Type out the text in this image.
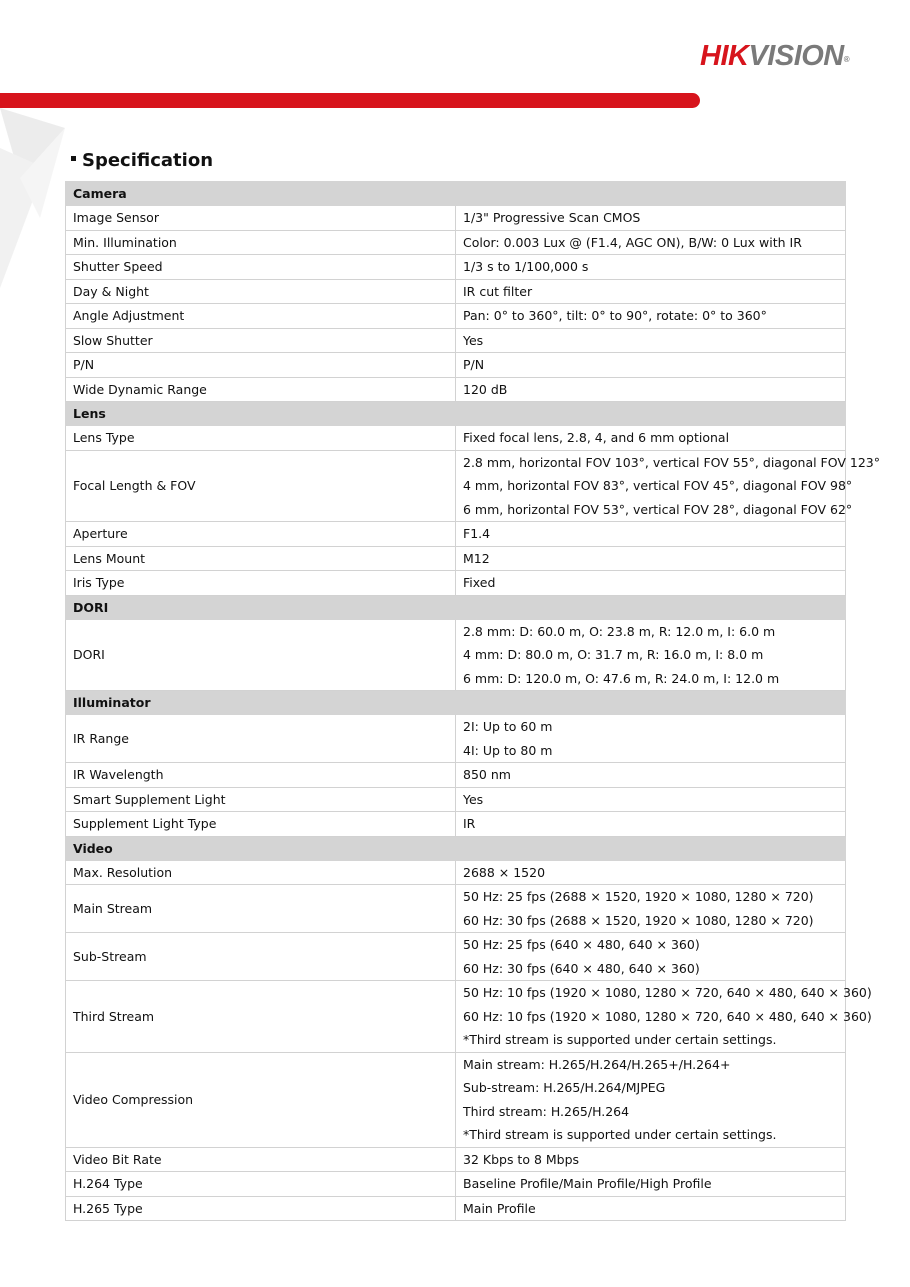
HIKVISION®
Specification
Camera	
Image Sensor	1/3" Progressive Scan CMOS

Min. Illumination	Color: 0.003 Lux @ (F1.4, AGC ON), B/W: 0 Lux with IR

Shutter Speed	1/3 s to 1/100,000 s

Day & Night	IR cut filter

Angle Adjustment	Pan: 0° to 360°, tilt: 0° to 90°, rotate: 0° to 360°

Slow Shutter	Yes

P/N	P/N

Wide Dynamic Range	120 dB

Lens	
Lens Type	Fixed focal lens, 2.8, 4, and 6 mm optional

Focal Length & FOV	2.8 mm, horizontal FOV 103°, vertical FOV 55°, diagonal FOV 123°
4 mm, horizontal FOV 83°, vertical FOV 45°, diagonal FOV 98°
6 mm, horizontal FOV 53°, vertical FOV 28°, diagonal FOV 62°

Aperture	F1.4

Lens Mount	M12

Iris Type	Fixed

DORI	
DORI	2.8 mm: D: 60.0 m, O: 23.8 m, R: 12.0 m, I: 6.0 m
4 mm: D: 80.0 m, O: 31.7 m, R: 16.0 m, I: 8.0 m
6 mm: D: 120.0 m, O: 47.6 m, R: 24.0 m, I: 12.0 m

Illuminator	
IR Range	2I: Up to 60 m
4I: Up to 80 m

IR Wavelength	850 nm

Smart Supplement Light	Yes

Supplement Light Type	IR

Video	
Max. Resolution	2688 × 1520

Main Stream	50 Hz: 25 fps (2688 × 1520, 1920 × 1080, 1280 × 720)
60 Hz: 30 fps (2688 × 1520, 1920 × 1080, 1280 × 720)

Sub-Stream	50 Hz: 25 fps (640 × 480, 640 × 360)
60 Hz: 30 fps (640 × 480, 640 × 360)

Third Stream	50 Hz: 10 fps (1920 × 1080, 1280 × 720, 640 × 480, 640 × 360)
60 Hz: 10 fps (1920 × 1080, 1280 × 720, 640 × 480, 640 × 360)
*Third stream is supported under certain settings.

Video Compression	Main stream: H.265/H.264/H.265+/H.264+
Sub-stream: H.265/H.264/MJPEG
Third stream: H.265/H.264
*Third stream is supported under certain settings.

Video Bit Rate	32 Kbps to 8 Mbps

H.264 Type	Baseline Profile/Main Profile/High Profile

H.265 Type	Main Profile
